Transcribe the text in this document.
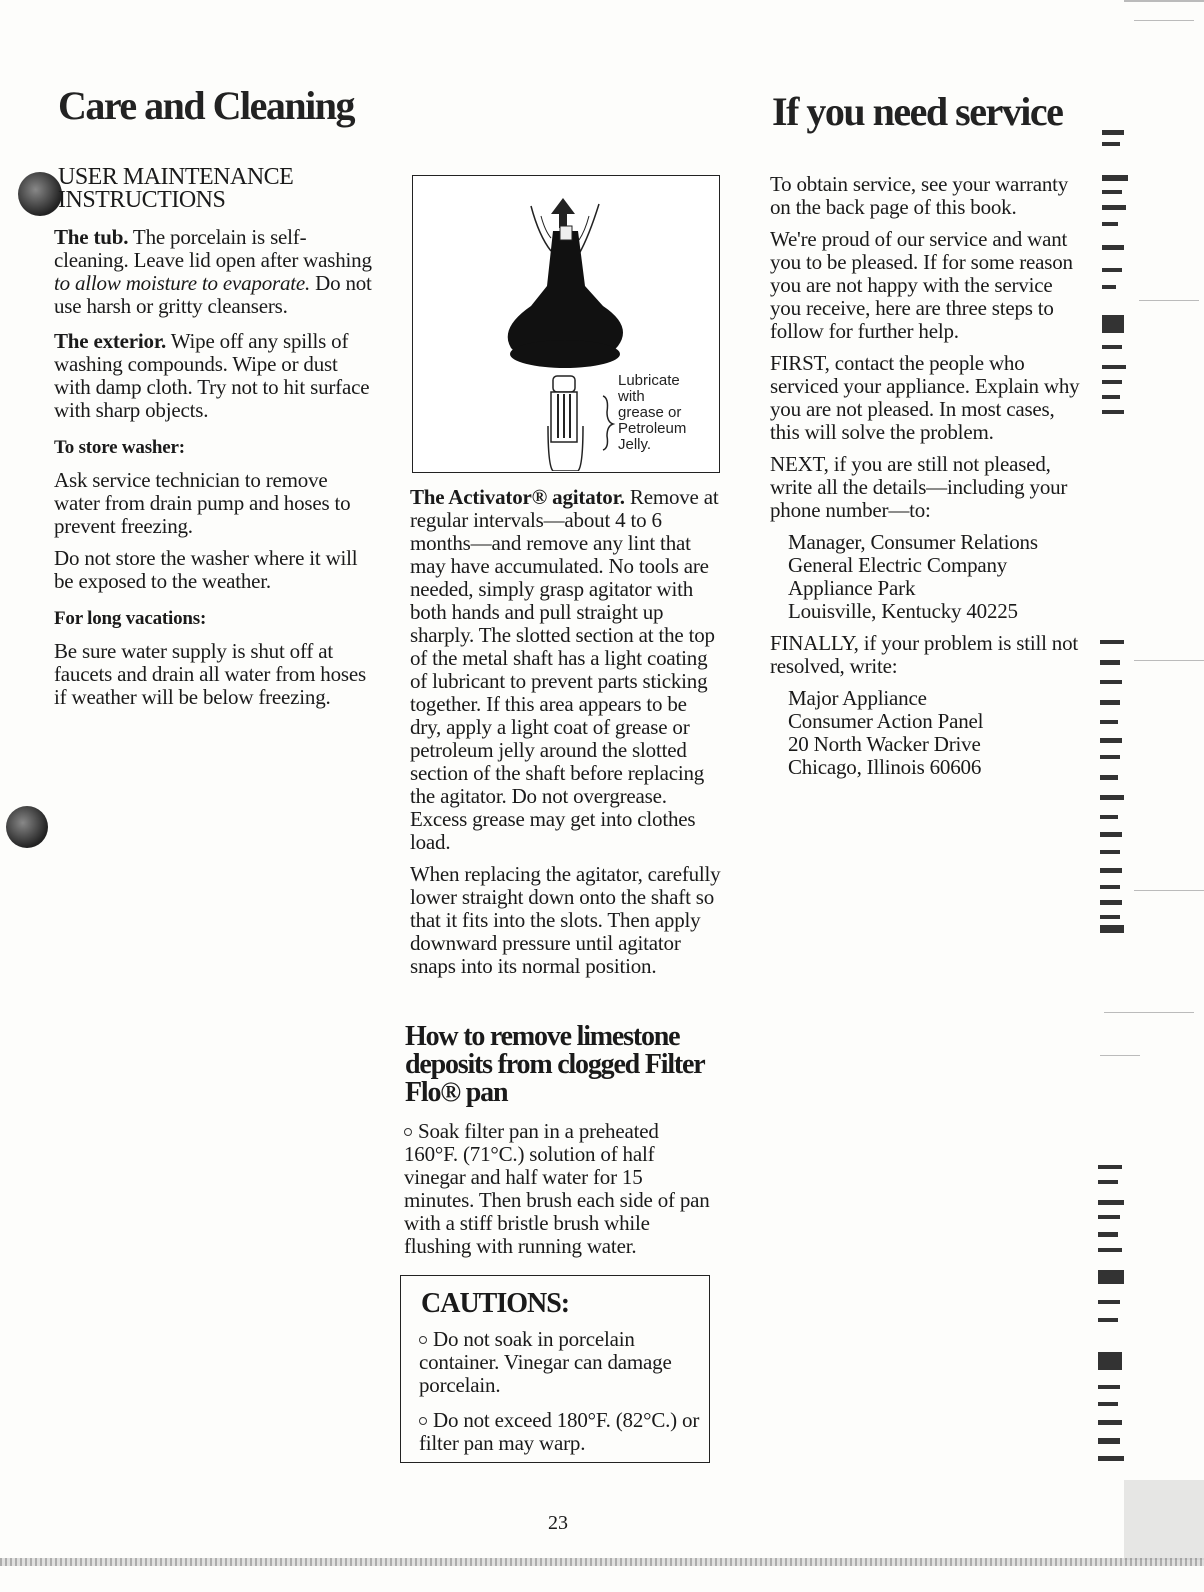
Care and Cleaning
USER MAINTENANCE
INSTRUCTIONS

The tub. The porcelain is self-cleaning. Leave lid open after washing to allow moisture to evaporate. Do not use harsh or gritty cleansers.

The exterior. Wipe off any spills of washing compounds. Wipe or dust with damp cloth. Try not to hit surface with sharp objects.

To store washer:

Ask service technician to remove water from drain pump and hoses to prevent freezing.

Do not store the washer where it will be exposed to the weather.

For long vacations:

Be sure water supply is shut off at faucets and drain all water from hoses if weather will be below freezing.

Lubricate
with
grease or
Petroleum
Jelly.

The Activator® agitator. Remove at regular intervals—about 4 to 6 months—and remove any lint that may have accumulated. No tools are needed, simply grasp agitator with both hands and pull straight up sharply. The slotted section at the top of the metal shaft has a light coating of lubricant to prevent parts sticking together. If this area appears to be dry, apply a light coat of grease or petroleum jelly around the slotted section of the shaft before replacing the agitator. Do not overgrease. Excess grease may get into clothes load.

When replacing the agitator, carefully lower straight down onto the shaft so that it fits into the slots. Then apply downward pressure until agitator snaps into its normal position.

How to remove limestone deposits from clogged Filter Flo® pan
Soak filter pan in a preheated 160°F. (71°C.) solution of half vinegar and half water for 15 minutes. Then brush each side of pan with a stiff bristle brush while flushing with running water.
CAUTIONS:

Do not soak in porcelain container. Vinegar can damage porcelain.

Do not exceed 180°F. (82°C.) or filter pan may warp.

If you need service

To obtain service, see your warranty on the back page of this book.

We're proud of our service and want you to be pleased. If for some reason you are not happy with the service you receive, here are three steps to follow for further help.

FIRST, contact the people who serviced your appliance. Explain why you are not pleased. In most cases, this will solve the problem.

NEXT, if you are still not pleased, write all the details—including your phone number—to:

Manager, Consumer Relations
General Electric Company
Appliance Park
Louisville, Kentucky 40225

FINALLY, if your problem is still not resolved, write:

Major Appliance
Consumer Action Panel
20 North Wacker Drive
Chicago, Illinois 60606
23
